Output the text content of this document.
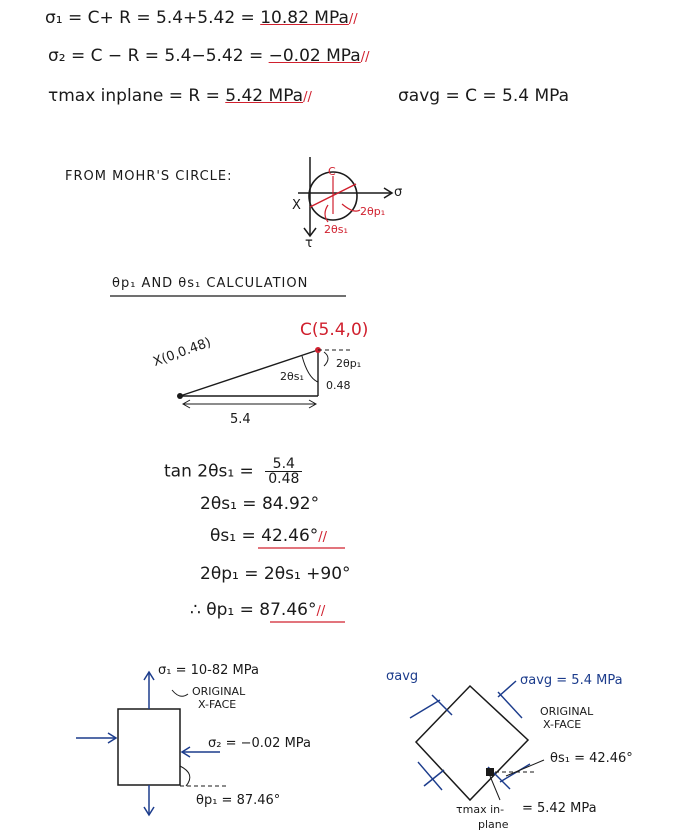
σ₁ = C+ R = 5.4+5.42 = 10.82 MPa//
σ₂ = C − R = 5.4−5.42 = −0.02 MPa//
τmax inplane = R = 5.42 MPa//	σavg = C = 5.4 MPa
FROM MOHR'S CIRCLE:
X
C
σ
τ
2θp₁
2θs₁
θp₁ AND θs₁ CALCULATION
C(5.4,0)
X(0,0.48)
2θs₁
2θp₁
0.48
5.4
$\tan 2\theta s_1 = \frac{5.4}{0.48}$
2θs₁ = 84.92°
θs₁ = 42.46°//
2θp₁ = 2θs₁ +90°
∴ θp₁ = 87.46°//
σ₁ = 10-82 MPa
ORIGINAL
X-FACE
σ₂ = −0.02 MPa
θp₁ = 87.46°
σavg	σavg = 5.4 MPa
ORIGINAL
X-FACE
θs₁ = 42.46°
τmax in- = 5.42 MPa
plane
